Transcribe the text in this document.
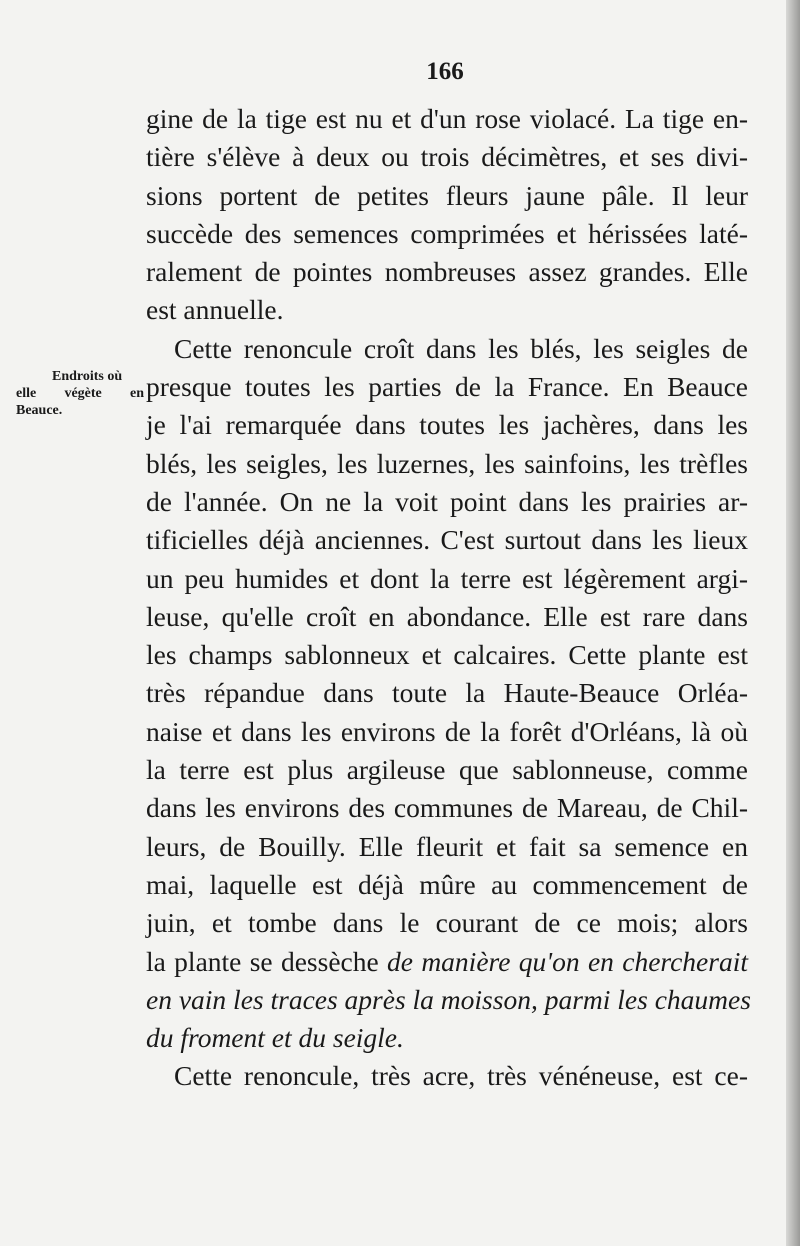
166
Endroits où
elle végète en
Beauce.
gine de la tige est nu et d'un rose violacé. La tige en-
tière s'élève à deux ou trois décimètres, et ses divi-
sions portent de petites fleurs jaune pâle. Il leur
succède des semences comprimées et hérissées laté-
ralement de pointes nombreuses assez grandes. Elle
est annuelle.
Cette renoncule croît dans les blés, les seigles de
presque toutes les parties de la France. En Beauce
je l'ai remarquée dans toutes les jachères, dans les
blés, les seigles, les luzernes, les sainfoins, les trèfles
de l'année. On ne la voit point dans les prairies ar-
tificielles déjà anciennes. C'est surtout dans les lieux
un peu humides et dont la terre est légèrement argi-
leuse, qu'elle croît en abondance. Elle est rare dans
les champs sablonneux et calcaires. Cette plante est
très répandue dans toute la Haute-Beauce Orléa-
naise et dans les environs de la forêt d'Orléans, là où
la terre est plus argileuse que sablonneuse, comme
dans les environs des communes de Mareau, de Chil-
leurs, de Bouilly. Elle fleurit et fait sa semence en
mai, laquelle est déjà mûre au commencement de
juin, et tombe dans le courant de ce mois; alors
la plante se dessèche de manière qu'on en chercherait
en vain les traces après la moisson, parmi les chaumes
du froment et du seigle.
Cette renoncule, très acre, très vénéneuse, est ce-
